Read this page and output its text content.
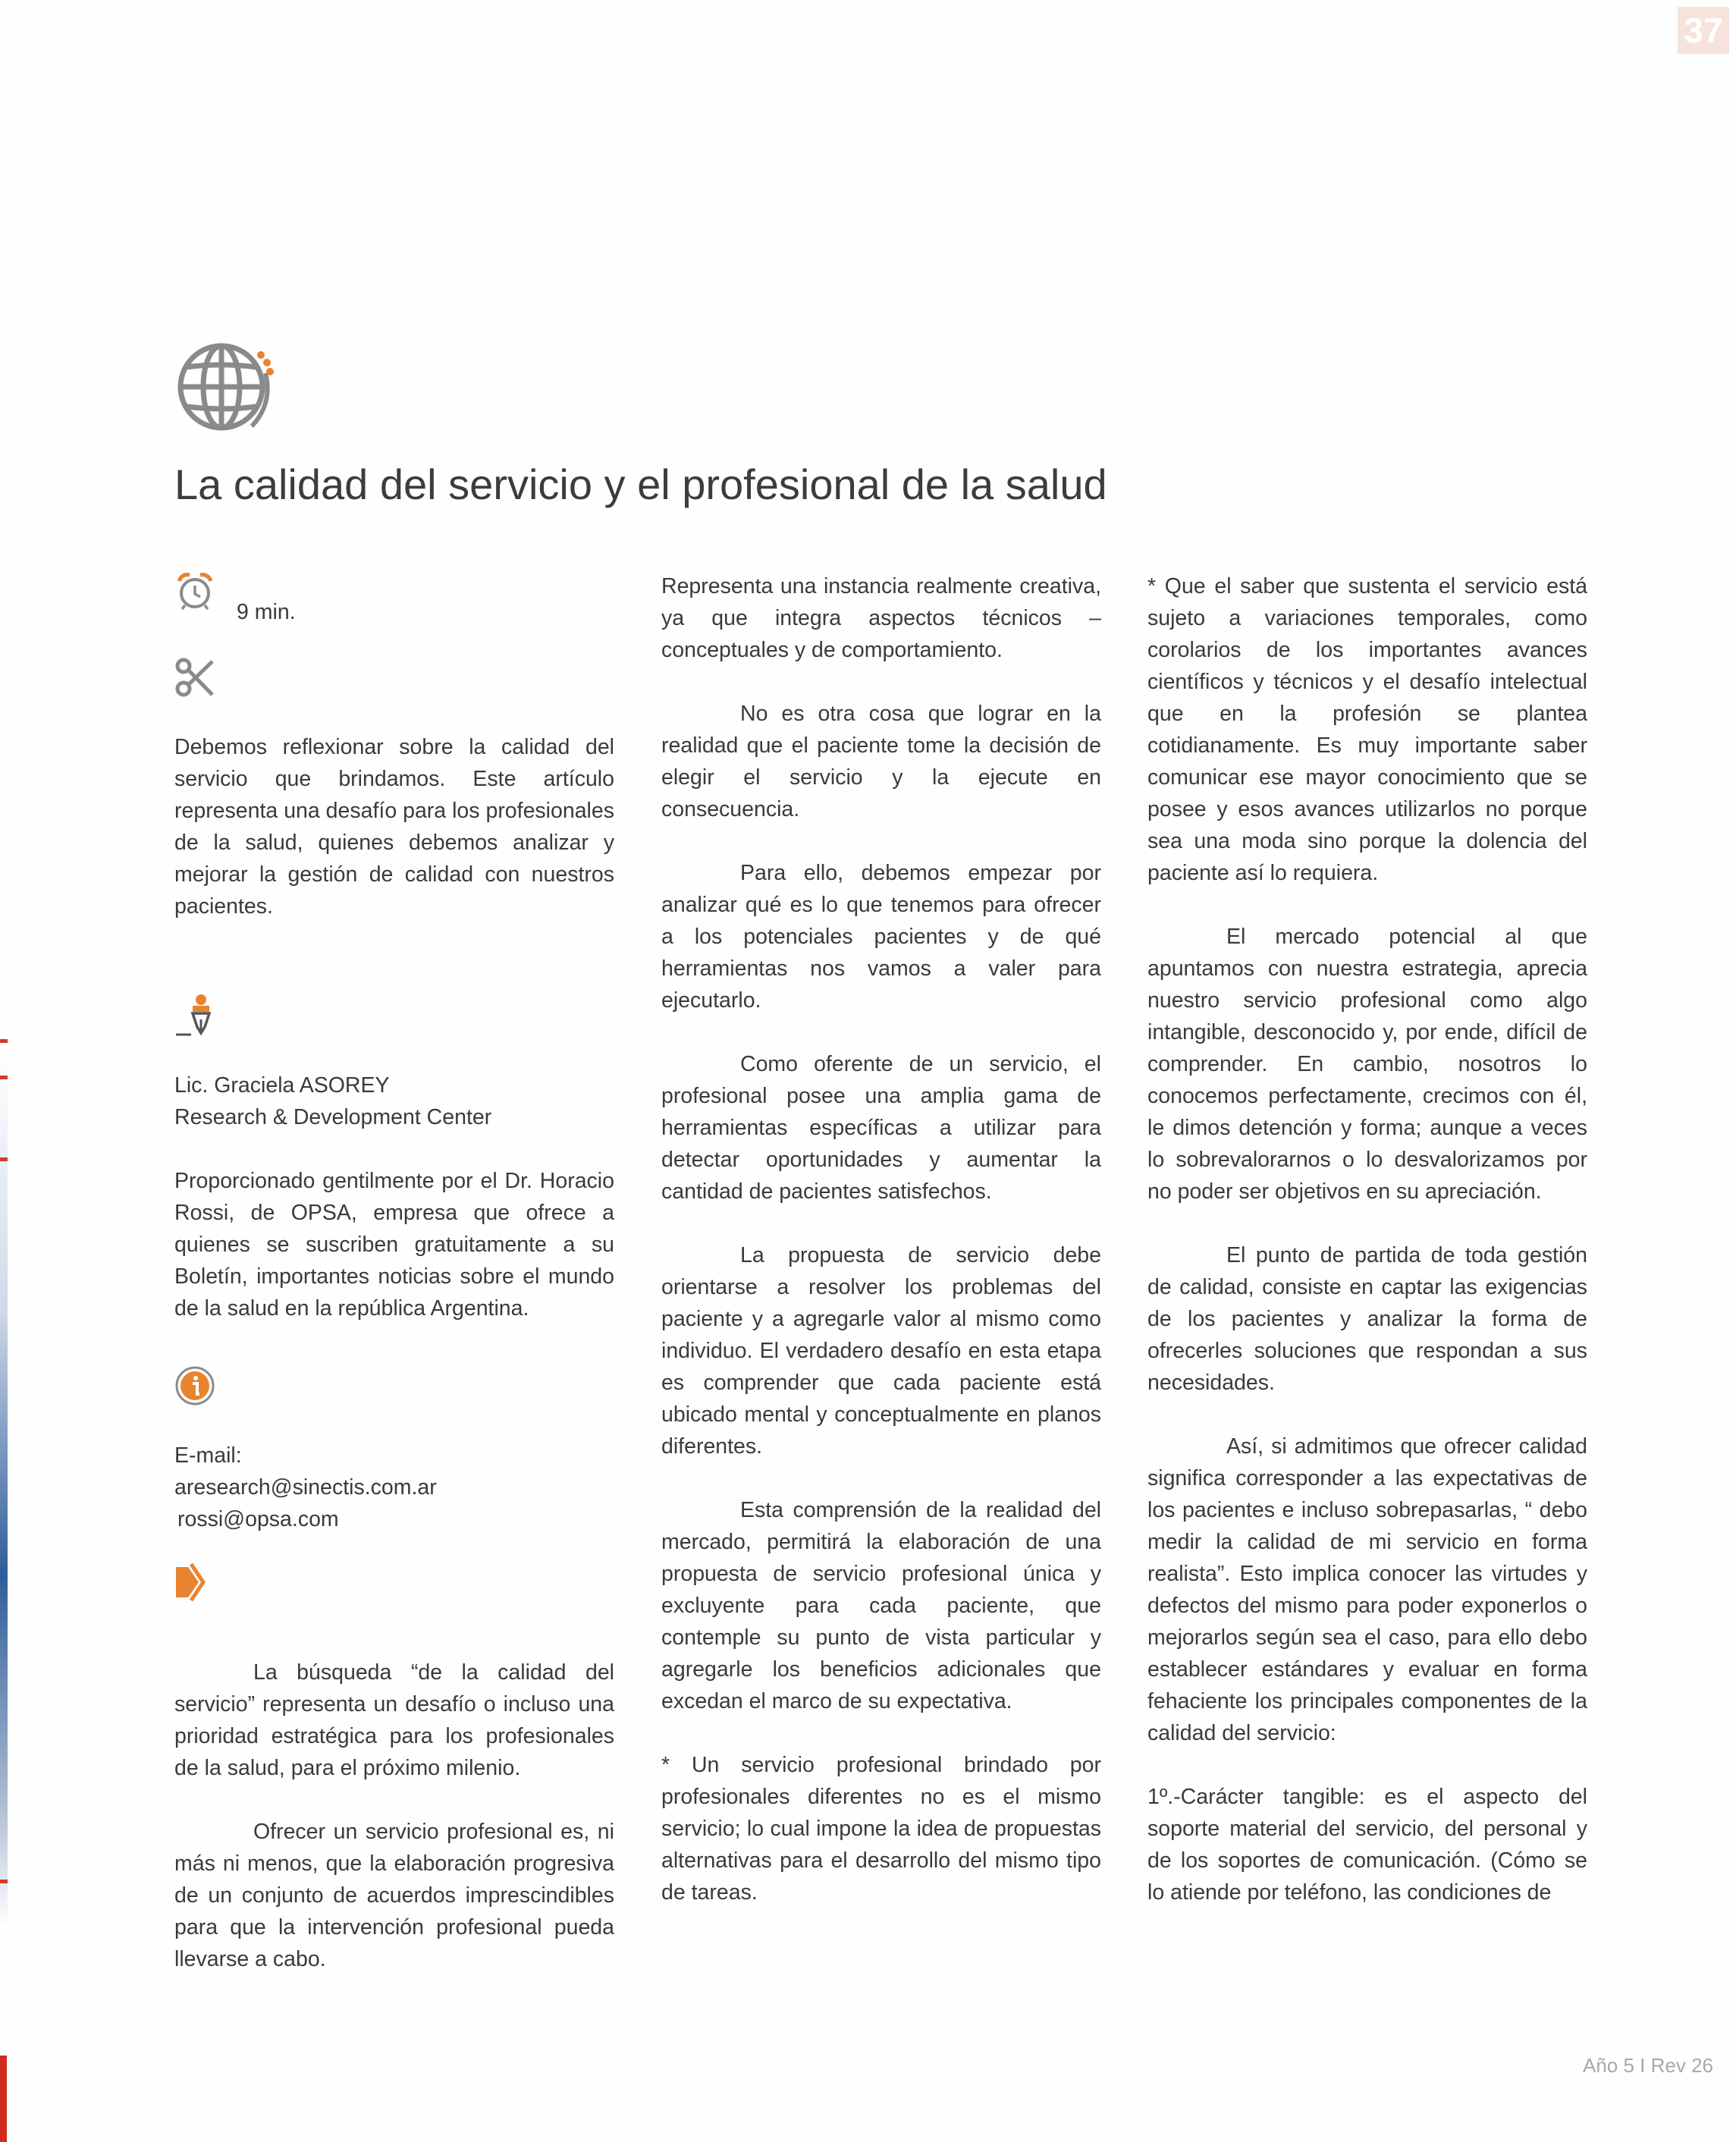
37
La calidad del servicio y el profesional de la salud
9 min.

Debemos reflexionar sobre la calidad del servicio que brindamos. Este artículo representa una desafío para los profesionales de la salud, quienes debemos analizar y mejorar la gestión de calidad con nuestros pacientes.

Lic. Graciela ASOREY

Research & Development Center

Proporcionado gentilmente por el Dr. Horacio Rossi, de OPSA, empresa que ofrece a quienes se suscriben gratuitamente a su Boletín, importantes noticias sobre el mundo de la salud en la república Argentina.

E-mail:

aresearch@sinectis.com.ar

rossi@opsa.com

La búsqueda “de la calidad del servicio” representa un desafío o incluso una prioridad estratégica para los profesionales de la salud, para el próximo milenio.

Ofrecer un servicio profesional es, ni más ni menos, que la elaboración progresiva de un conjunto de acuerdos imprescindibles para que la intervención profesional pueda llevarse a cabo.

Representa una instancia realmente creativa, ya que integra aspectos técnicos – conceptuales y de comportamiento.

No es otra cosa que lograr en la realidad que el paciente tome la decisión de elegir el servicio y la ejecute en consecuencia.

Para ello, debemos empezar por analizar qué es lo que tenemos para ofrecer a los potenciales pacientes y de qué herramientas nos vamos a valer para ejecutarlo.

Como oferente de un servicio, el profesional posee una amplia gama de herramientas específicas a utilizar para detectar oportunidades y aumentar la cantidad de pacientes satisfechos.

La propuesta de servicio debe orientarse a resolver los problemas del paciente y a agregarle valor al mismo como individuo. El verdadero desafío en esta etapa es comprender que cada paciente está ubicado mental y conceptualmente en planos diferentes.

Esta comprensión de la realidad del mercado, permitirá la elaboración de una propuesta de servicio profesional única y excluyente para cada paciente, que contemple su punto de vista particular y agregarle los beneficios adicionales que excedan el marco de su expectativa.

* Un servicio profesional brindado por profesionales diferentes no es el mismo servicio; lo cual impone la idea de propuestas alternativas para el desarrollo del mismo tipo de tareas.

* Que el saber que sustenta el servicio está sujeto a variaciones temporales, como corolarios de los importantes avances científicos y técnicos y el desafío intelectual que en la profesión se plantea cotidianamente. Es muy importante saber comunicar ese mayor conocimiento que se posee y esos avances utilizarlos no porque sea una moda sino porque la dolencia del paciente así lo requiera.

El mercado potencial al que apuntamos con nuestra estrategia, aprecia nuestro servicio profesional como algo intangible, desconocido y, por ende, difícil de comprender. En cambio, nosotros lo conocemos perfectamente, crecimos con él, le dimos detención y forma; aunque a veces lo sobrevalorarnos o lo desvalorizamos por no poder ser objetivos en su apreciación.

El punto de partida de toda gestión de calidad, consiste en captar las exigencias de los pacientes y analizar la forma de ofrecerles soluciones que respondan a sus necesidades.

Así, si admitimos que ofrecer calidad significa corresponder a las expectativas de los pacientes e incluso sobrepasarlas, “ debo medir la calidad de mi servicio en forma realista”. Esto implica conocer las virtudes y defectos del mismo para poder exponerlos o mejorarlos según sea el caso, para ello debo establecer estándares y evaluar en forma fehaciente los principales componentes de la calidad del servicio:

1º.-Carácter tangible: es el aspecto del soporte material del servicio, del personal y de los soportes de comunicación. (Cómo se lo atiende por teléfono, las condiciones de

Año 5 I Rev 26
